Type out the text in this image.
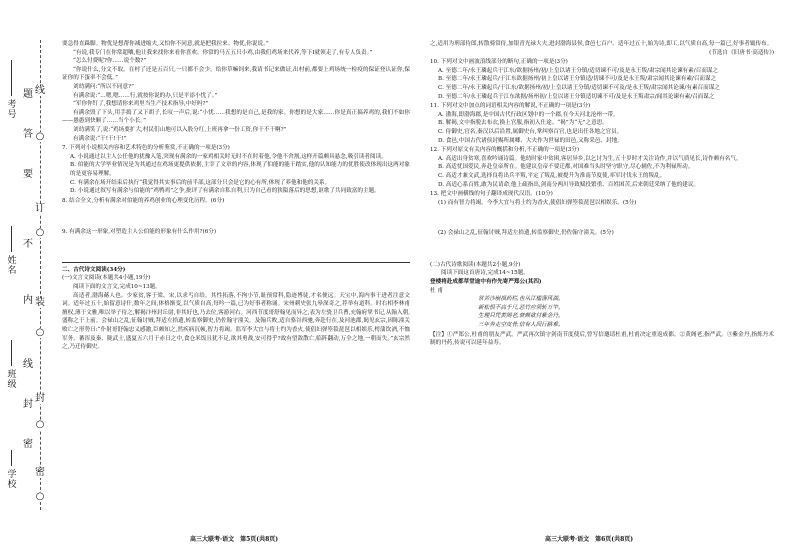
线
○
订
○
装
○
封
○
密
○
题
答
要
不
内
线
封
密
学校
班级
姓名
考号

要急得直跺脚。物优是想帮你减进缩夫,又怕你不同意,就是把我拉来。物优,你说说。”

“有说,我专门在你常超嚷,他让我来找你来看你喜欢。你常的马五五只小鸡,由我们鸡场来代养,等下I就领走了,有专人负责。”

“怎么付费呢?你……说个数?”

“你说什么,分文不取。在村了还是五百只,一只都不会少。给你草嘛饲来,我请书记来做证,出村前,都要上鸡场统一检疫的保证登认证你,保证你的下蛋率不会低。”

刘幼满问:“所以不同意?”

有满余说:“…嗯,嗯……行,就按你说的办,只是平添小忧了。”

“军你你钉了,我想请你来鸡里当生产技术指导,中好吗?”

有满余毁了下头,用手捣了又下胡子,长叹一声后,说:“小忧……我想的是自己,是我的家。你想的是大家……你是真正搞养鸡的,我们不如你——愚愚到快顺了……当个小长。”

刘幼满笑了,说:“鸡场要扩大,村民们山地可以入股分红,上班再拿一份工资,你干不干啊?”

有满余说:“干!干!干!”

7. 下列对小说相关内容和艺术特色的分析鉴赏,不正确的一项是(3分)

A. 小说通过以主人公任他的犹豫入笔,突现有满余的一家鸡相关时无时不在时着他,令他不舍割,这样开篇颇具悬念,吸引读者阅读。

B. 伯能的大学毕业情况是为其通过在鸡场更提供依据,主宰了文章的内容,体现了伯能的能干踏实,他的认知能力的优胜使改体现出这两对象的是更容易理解。

C. 有满余在场开结束后执行“我觉得其实事后的前半部,这部分只会是它的心有所,体现了养他和他的关系。

D. 小说通过叙写有满余与伯能的“鸡鸭鸡”之争,批评了有满余自私自利,只为自己看的狭隘落后的思想,讴歌了共同致富的主题。

8. 结合全文,分析有满余对伯能的养鸡创业的心理变化历程。(6分)

9. 有满余这一形象,对塑造主人公伯能的形象有什么作用?(6分)

二、古代诗文阅读(34分)

(一)文言文阅读(本题共4小题,19分)

阅读下面的文言文,完成10~13题。

高适者,渤海蓨人也。少家贫,客于梁、宋,以求丐自给。其性拓落,不拘小节,耻预常科,隐迹博徒,才名便远。天宝中,海内事干进者注意文词。适年过五十,始留意诗什,数年之间,体格渐变,以气质自高,每吟一篇,已为好事者称诵。宋州刺史张九皋深奇之,荐举有道科。时右相李林甫擅权,薄于文雅,唯以举子待之,解褐汴州封丘尉,非其好也,乃去位,客游河右。河西节度哥舒翰见而异之,表为左骁卫兵曹,充翰府掌书记,从翰入朝,盛称之于上前。会禄山之乱,征翰讨贼,拜适左拾遗,转监察御史,仍佐翰守潼关。及翰兵败,适自骆谷西驰,奔赴行在,及河池郡,谒见玄宗,因陈潼关败亡之形势曰:“仆射哥舒翰忠义感激,臣颇知之,然疾病沉顿,智力将竭。监军李大宜与将士约为香火,使倡妇弹箜篌琵琶以相娱乐,樗蒲饮酒,不恤军务。蕃浑及秦、陇武士,盛夏五六月于赤日之中,食仓米饭且犹不足,欲其勇战,安可得乎?故有望敌散亡,临阵翻动,万全之地,一朝而失。”玄宗然之,乃迁侍御史。

之,适用为刑部侍郎,转散骑常侍,加银青光禄大夫,进封渤海县侯,食邑七百户。适年过五十,始为诗,即工,以气质自高,每一篇已,好事者辄传布。

(节选自《旧唐书·高适传》)

10. 下列对文中画波浪线部分的断句,正确的一项是(3分)

A. 至德二年/永王璘起兵于江东/欲据扬州/初/上皇以诸王分镇/适切谏不可/及是永王叛/肃宗闻其论谏有素/召而谋之

B. 至德二年/永王璘起兵/于江东欲据扬州/初上皇以诸王分镇适/切谏不可/及是永王叛/肃宗闻其论谏有素/召而谋之

C. 至德二年/永王璘起兵/于江东/欲据扬州/初/上皇以诸王分镇/适切谏不可及/是永王叛/肃宗闻其论谏/有素召而谋之

D. 至德二年/永王璘起兵于江东欲据/扬州初/上皇以诸王分镇适切谏不可/及是永王叛肃宗/闻其论谏有素/召而谋之

11. 下列对文中加点的词语相关内容的解说,不正确的一项是(3分)

A. 渤海,即渤海郡,是中国古代行政区划中的一个郡,在今天河北沧州一带。

B. 解褐,文中指脱去布衣,换上官服,指初入仕途。“褐”为“无”之意思。

C. 侍御史,官名,秦汉以后沿置,属御史台,掌纠察百官,也是出任各地之官员。

D. 食邑,中国古代诸侯封赐所属卿、大夫作为世禄的田邑,又称采邑、封地。

12. 下列对原文有关内容的概括和分析,不正确的一项是(3分)

A. 高适出身贫寒,喜欢吟诵诗篇。他幼时家中贫困,客居异乡,以乞讨为生,五十岁时才关注诗作,并以气质见长,诗作颇有名气。

B. 高适忧国爱民,奔赴皇帝所在。他建议皇帝不要迁都,对国难当头时坚守职守,尽心辅佐,不为利禄所动。

C. 高适才兼文武,选择良将出兵平叛,平定了叛乱,被提升为淮南节度使,率军讨伐永王的叛乱。

D. 高适心系百姓,敢为民请命,他上疏指出,剑南分两川导致赋役繁重、百姓困苦,后来朝廷采纳了他的建议。

13. 把文中画横线的句子翻译成现代汉语。(10分)

(1) 而有智力将竭。今李大宜与将士约为香火,使倡妇弹箜篌琵琶以相娱乐。(5分)

(2) 会禄山之乱,征翰讨贼,拜适左拾遗,转监察御史,仍佐翰守潼关。(5分)

(二)古代诗歌阅读(本题共2小题,9分)

阅读下面这首唐诗,完成14~15题。

登楼将赴成都草堂途中有作先寄严郑公(其四)

杜 甫

常苦沙崩损药栏,也从江槛落风湍。

新松恨不高千尺,恶竹应须斩万竿。

生理只凭黄阁老,衰颜欲付紫金丹。

三年奔走空皮骨,信有人间行路难。

【注】①严郑公,杜甫的朋友严武。严武再次镇守剑南节度使后,曾写信邀请杜甫,杜甫决定重返成都。②黄阁老,指严武。③紫金丹,指炼丹术制的丹药,传说可以延年益寿。

高三大联考·语文　第5页(共8页)	高三大联考·语文　第6页(共8页)
